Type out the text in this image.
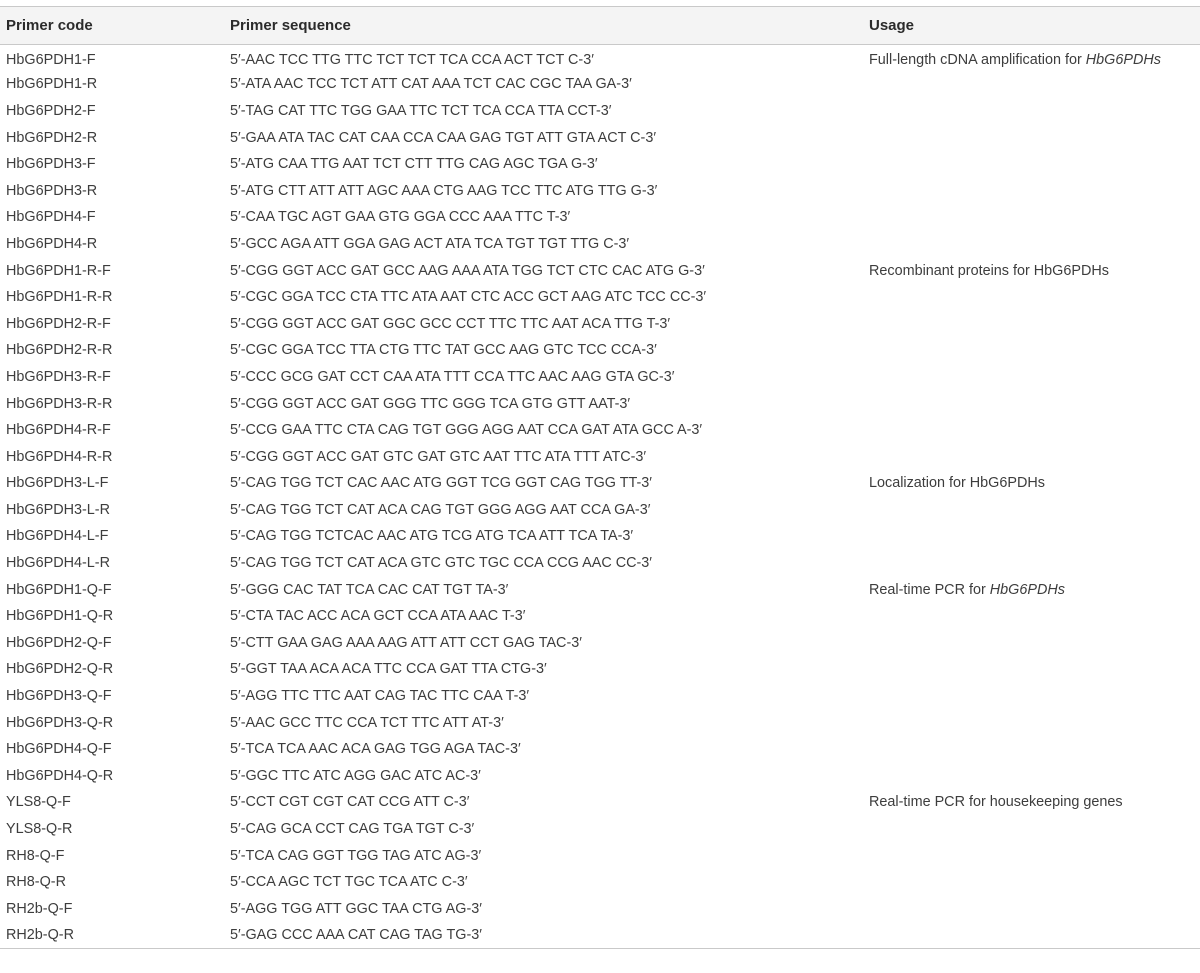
Primer code	Primer sequence	Usage
HbG6PDH1-F	5′-AAC TCC TTG TTC TCT TCT TCA CCA ACT TCT C-3′	Full-length cDNA amplification for HbG6PDHs
HbG6PDH1-R	5′-ATA AAC TCC TCT ATT CAT AAA TCT CAC CGC TAA GA-3′	
HbG6PDH2-F	5′-TAG CAT TTC TGG GAA TTC TCT TCA CCA TTA CCT-3′	
HbG6PDH2-R	5′-GAA ATA TAC CAT CAA CCA CAA GAG TGT ATT GTA ACT C-3′	
HbG6PDH3-F	5′-ATG CAA TTG AAT TCT CTT TTG CAG AGC TGA G-3′	
HbG6PDH3-R	5′-ATG CTT ATT ATT AGC AAA CTG AAG TCC TTC ATG TTG G-3′	
HbG6PDH4-F	5′-CAA TGC AGT GAA GTG GGA CCC AAA TTC T-3′	
HbG6PDH4-R	5′-GCC AGA ATT GGA GAG ACT ATA TCA TGT TGT TTG C-3′	
HbG6PDH1-R-F	5′-CGG GGT ACC GAT GCC AAG AAA ATA TGG TCT CTC CAC ATG G-3′	Recombinant proteins for HbG6PDHs
HbG6PDH1-R-R	5′-CGC GGA TCC CTA TTC ATA AAT CTC ACC GCT AAG ATC TCC CC-3′	
HbG6PDH2-R-F	5′-CGG GGT ACC GAT GGC GCC CCT TTC TTC AAT ACA TTG T-3′	
HbG6PDH2-R-R	5′-CGC GGA TCC TTA CTG TTC TAT GCC AAG GTC TCC CCA-3′	
HbG6PDH3-R-F	5′-CCC GCG GAT CCT CAA ATA TTT CCA TTC AAC AAG GTA GC-3′	
HbG6PDH3-R-R	5′-CGG GGT ACC GAT GGG TTC GGG TCA GTG GTT AAT-3′	
HbG6PDH4-R-F	5′-CCG GAA TTC CTA CAG TGT GGG AGG AAT CCA GAT ATA GCC A-3′	
HbG6PDH4-R-R	5′-CGG GGT ACC GAT GTC GAT GTC AAT TTC ATA TTT ATC-3′	
HbG6PDH3-L-F	5′-CAG TGG TCT CAC AAC ATG GGT TCG GGT CAG TGG TT-3′	Localization for HbG6PDHs
HbG6PDH3-L-R	5′-CAG TGG TCT CAT ACA CAG TGT GGG AGG AAT CCA GA-3′	
HbG6PDH4-L-F	5′-CAG TGG TCTCAC AAC ATG TCG ATG TCA ATT TCA TA-3′	
HbG6PDH4-L-R	5′-CAG TGG TCT CAT ACA GTC GTC TGC CCA CCG AAC CC-3′	
HbG6PDH1-Q-F	5′-GGG CAC TAT TCA CAC CAT TGT TA-3′	Real-time PCR for HbG6PDHs
HbG6PDH1-Q-R	5′-CTA TAC ACC ACA GCT CCA ATA AAC T-3′	
HbG6PDH2-Q-F	5′-CTT GAA GAG AAA AAG ATT ATT CCT GAG TAC-3′	
HbG6PDH2-Q-R	5′-GGT TAA ACA ACA TTC CCA GAT TTA CTG-3′	
HbG6PDH3-Q-F	5′-AGG TTC TTC AAT CAG TAC TTC CAA T-3′	
HbG6PDH3-Q-R	5′-AAC GCC TTC CCA TCT TTC ATT AT-3′	
HbG6PDH4-Q-F	5′-TCA TCA AAC ACA GAG TGG AGA TAC-3′	
HbG6PDH4-Q-R	5′-GGC TTC ATC AGG GAC ATC AC-3′	
YLS8-Q-F	5′-CCT CGT CGT CAT CCG ATT C-3′	Real-time PCR for housekeeping genes
YLS8-Q-R	5′-CAG GCA CCT CAG TGA TGT C-3′	
RH8-Q-F	5′-TCA CAG GGT TGG TAG ATC AG-3′	
RH8-Q-R	5′-CCA AGC TCT TGC TCA ATC C-3′	
RH2b-Q-F	5′-AGG TGG ATT GGC TAA CTG AG-3′	
RH2b-Q-R	5′-GAG CCC AAA CAT CAG TAG TG-3′	
